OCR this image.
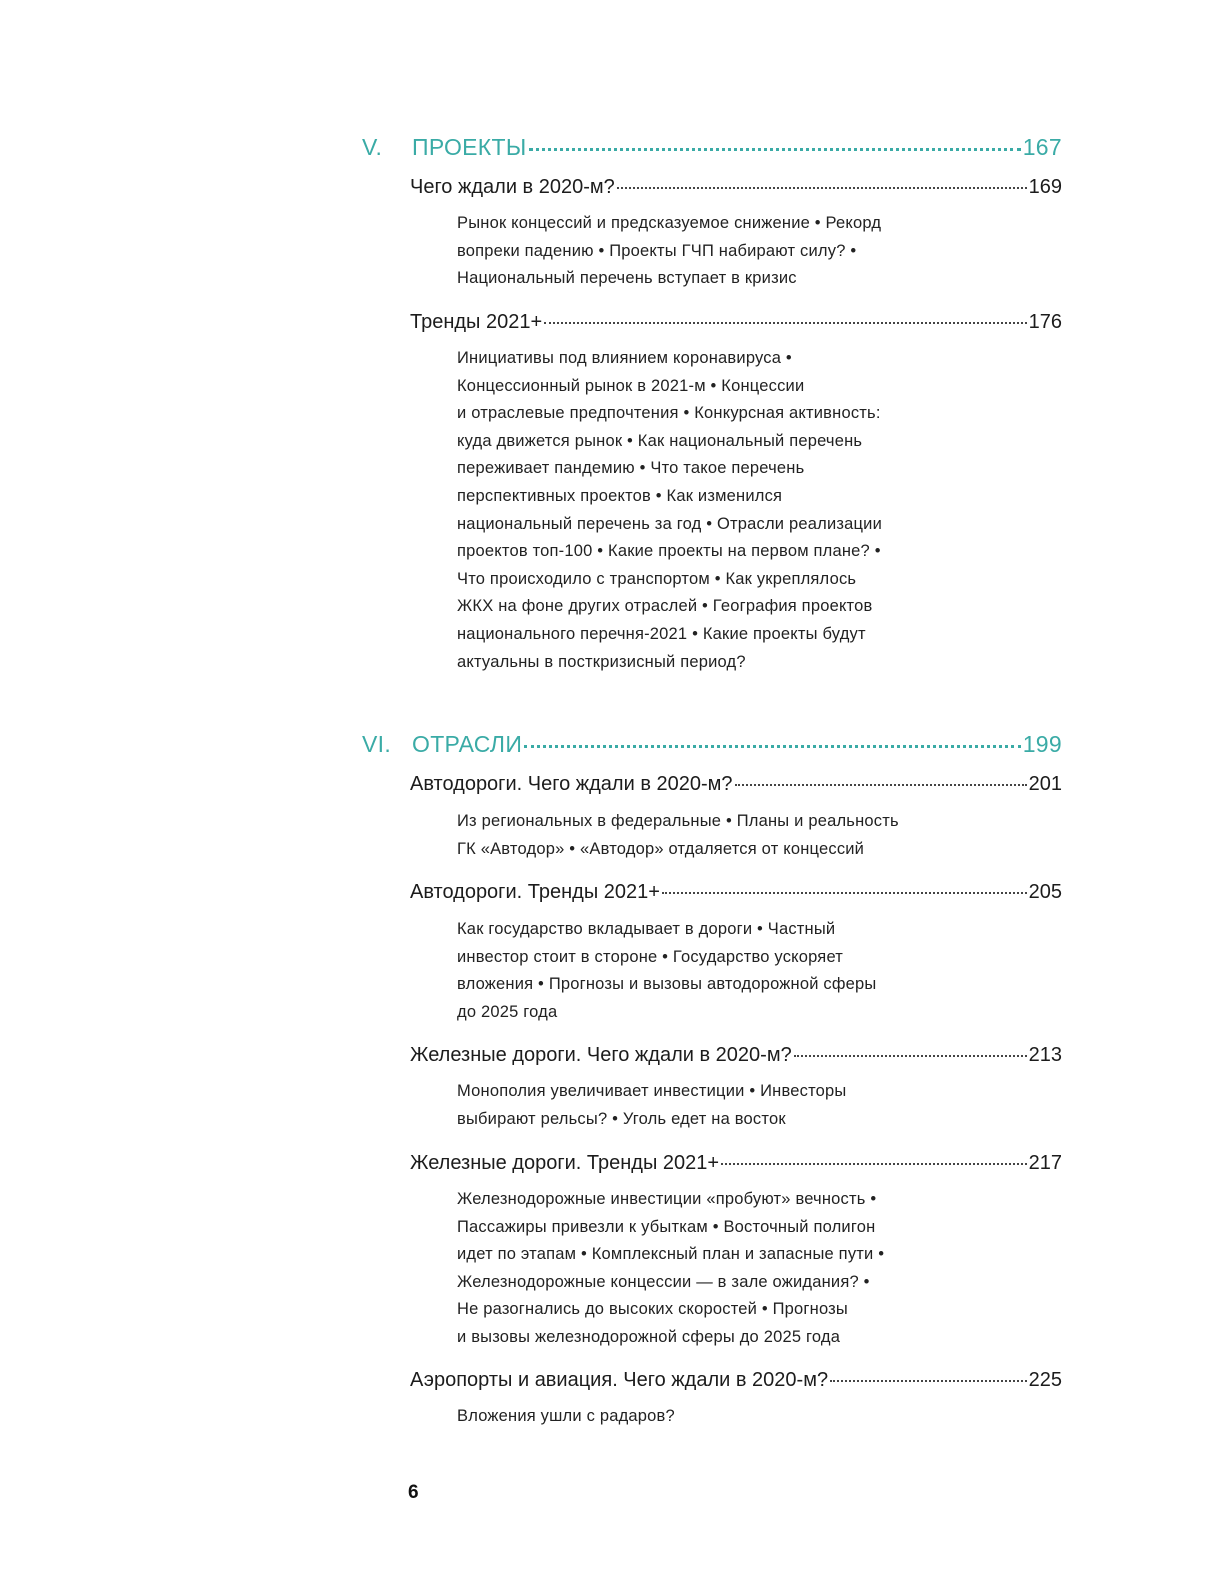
V.	ПРОЕКТЫ	167
Чего ждали в 2020-м?	169
Рынок концессий и предсказуемое снижение • Рекорд
вопреки падению • Проекты ГЧП набирают силу? •
Национальный перечень вступает в кризис
Тренды 2021+	176
Инициативы под влиянием коронавируса •
Концессионный рынок в 2021-м • Концессии
и отраслевые предпочтения • Конкурсная активность:
куда движется рынок • Как национальный перечень
переживает пандемию • Что такое перечень
перспективных проектов • Как изменился
национальный перечень за год • Отрасли реализации
проектов топ-100 • Какие проекты на первом плане? •
Что происходило с транспортом • Как укреплялось
ЖКХ на фоне других отраслей • География проектов
национального перечня-2021 • Какие проекты будут
актуальны в посткризисный период?
VI. ОТРАСЛИ	199
Автодороги. Чего ждали в 2020-м?	201
Из региональных в федеральные • Планы и реальность
ГК «Автодор» • «Автодор» отдаляется от концессий
Автодороги. Тренды 2021+	205
Как государство вкладывает в дороги • Частный
инвестор стоит в стороне • Государство ускоряет
вложения • Прогнозы и вызовы автодорожной сферы
до 2025 года
Железные дороги. Чего ждали в 2020-м?	213
Монополия увеличивает инвестиции • Инвесторы
выбирают рельсы? • Уголь едет на восток
Железные дороги. Тренды 2021+	217
Железнодорожные инвестиции «пробуют» вечность •
Пассажиры привезли к убыткам • Восточный полигон
идет по этапам • Комплексный план и запасные пути •
Железнодорожные концессии — в зале ожидания? •
Не разогнались до высоких скоростей • Прогнозы
и вызовы железнодорожной сферы до 2025 года
Аэропорты и авиация. Чего ждали в 2020-м?	225
Вложения ушли с радаров?
6
